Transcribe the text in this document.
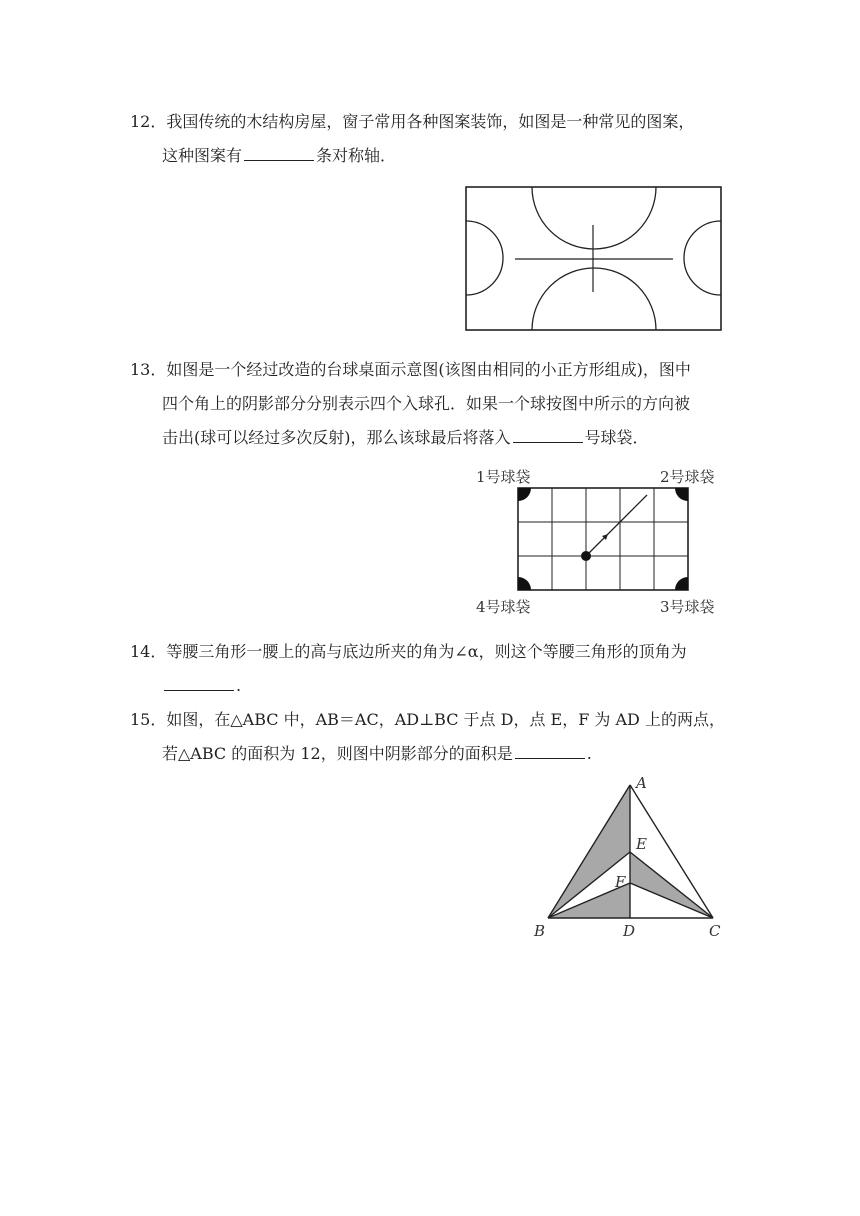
12．我国传统的木结构房屋，窗子常用各种图案装饰，如图是一种常见的图案，
这种图案有	条对称轴．
13．如图是一个经过改造的台球桌面示意图(该图由相同的小正方形组成)，图中
四个角上的阴影部分分别表示四个入球孔．如果一个球按图中所示的方向被
击出(球可以经过多次反射)，那么该球最后将落入	号球袋．
1号球袋	2号球袋
4号球袋	3号球袋
14．等腰三角形一腰上的高与底边所夹的角为∠α，则这个等腰三角形的顶角为
.
15．如图，在△ABC 中，AB＝AC，AD⊥BC 于点 D，点 E，F 为 AD 上的两点，
若△ABC 的面积为 12，则图中阴影部分的面积是	.
A
E
F
B	D	C
